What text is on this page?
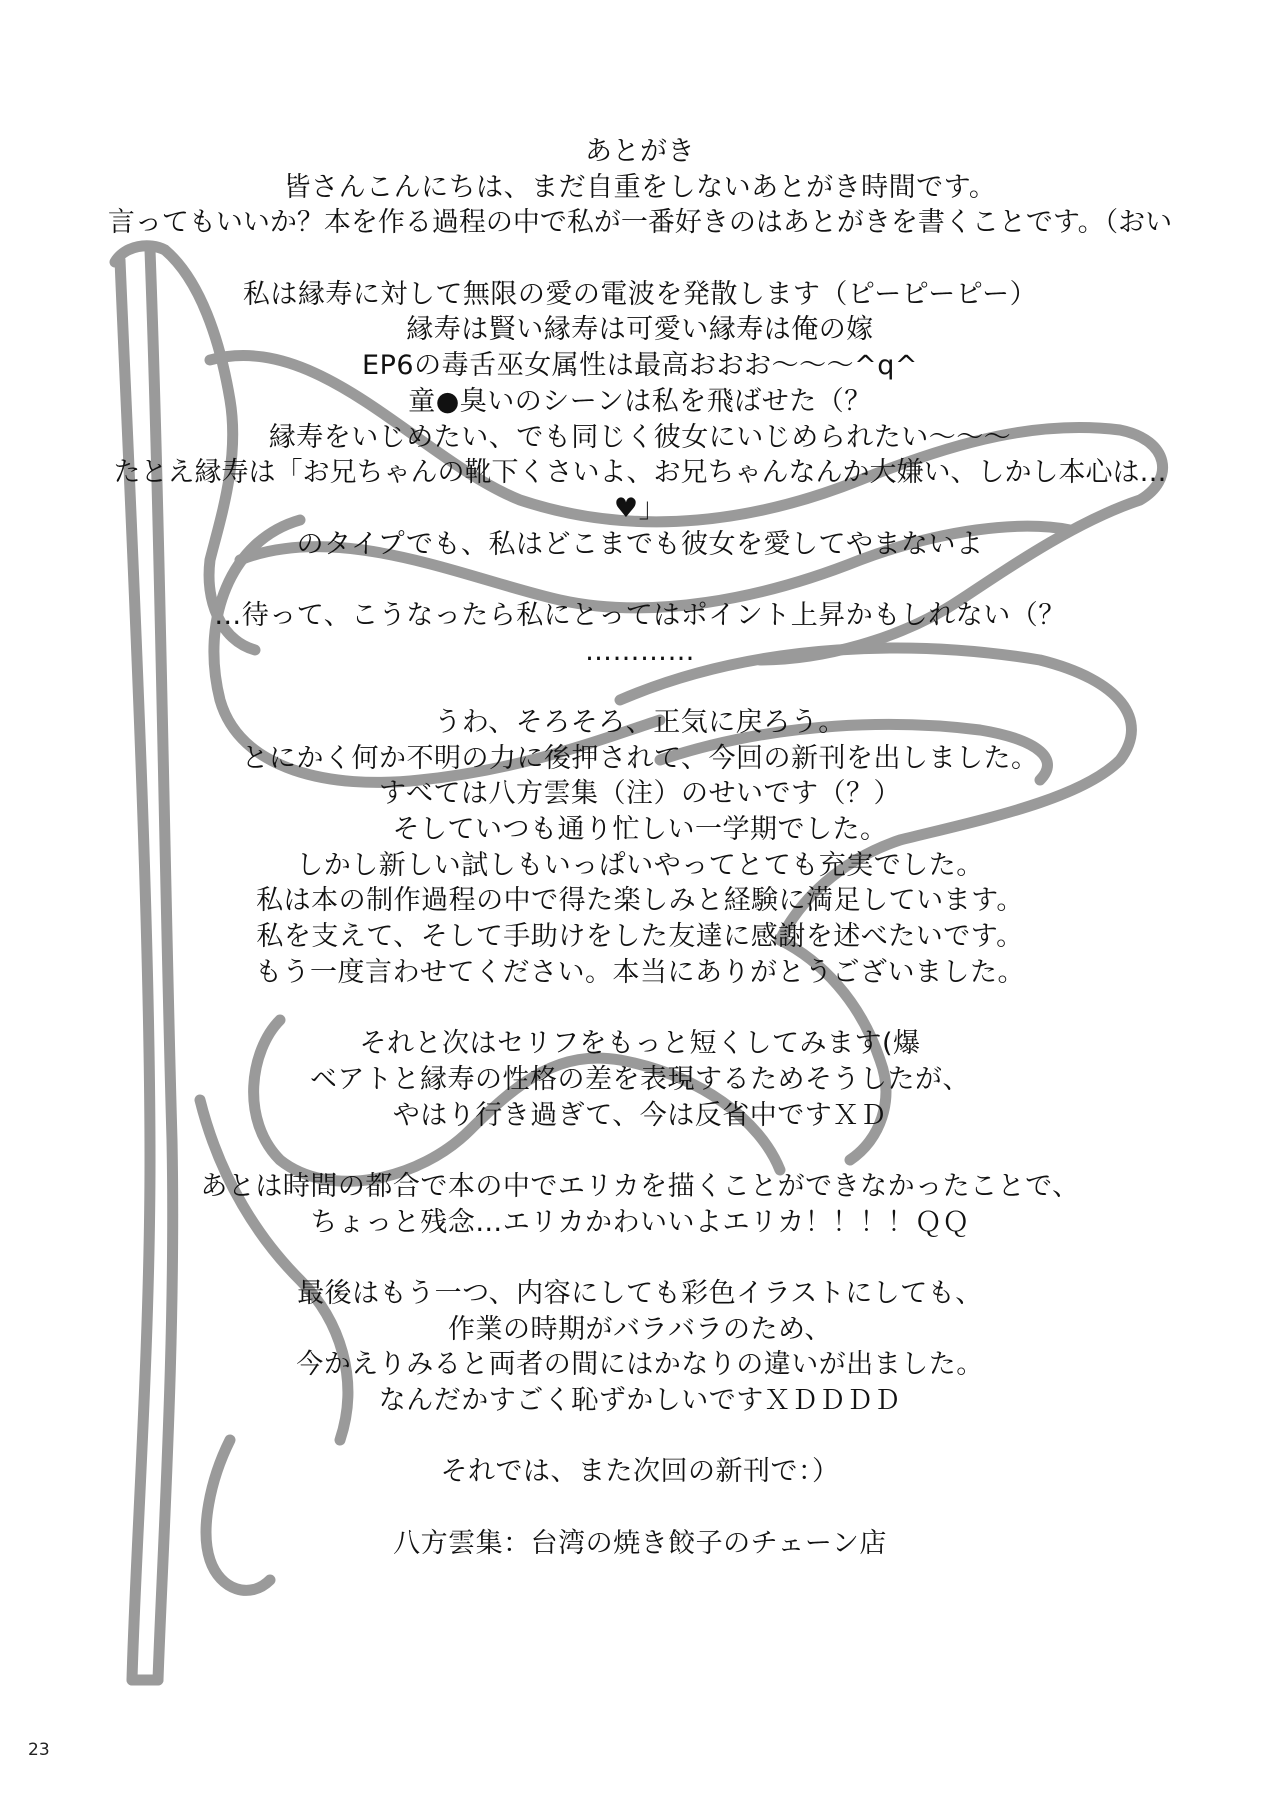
あとがき
皆さんこんにちは、まだ自重をしないあとがき時間です。
言ってもいいか？本を作る過程の中で私が一番好きのはあとがきを書くことです。（おい
私は縁寿に対して無限の愛の電波を発散します（ピーピーピー）
縁寿は賢い縁寿は可愛い縁寿は俺の嫁
EP6の毒舌巫女属性は最高おおお～～～^q^
童●臭いのシーンは私を飛ばせた（？
縁寿をいじめたい、でも同じく彼女にいじめられたい～～～
たとえ縁寿は「お兄ちゃんの靴下くさいよ、お兄ちゃんなんか大嫌い、しかし本心は…
♥」
のタイプでも、私はどこまでも彼女を愛してやまないよ
…待って、こうなったら私にとってはポイント上昇かもしれない（？
…………
うわ、そろそろ、正気に戻ろう。
とにかく何か不明の力に後押されて、今回の新刊を出しました。
すべては八方雲集（注）のせいです（？）
そしていつも通り忙しい一学期でした。
しかし新しい試しもいっぱいやってとても充実でした。
私は本の制作過程の中で得た楽しみと経験に満足しています。
私を支えて、そして手助けをした友達に感謝を述べたいです。
もう一度言わせてください。本当にありがとうございました。
それと次はセリフをもっと短くしてみます(爆
ベアトと縁寿の性格の差を表現するためそうしたが、
やはり行き過ぎて、今は反省中ですＸＤ
あとは時間の都合で本の中でエリカを描くことができなかったことで、
ちょっと残念…エリカかわいいよエリカ！！！！ＱＱ
最後はもう一つ、内容にしても彩色イラストにしても、
作業の時期がバラバラのため、
今かえりみると両者の間にはかなりの違いが出ました。
なんだかすごく恥ずかしいですＸＤＤＤＤ
それでは、また次回の新刊で：）
八方雲集：台湾の焼き餃子のチェーン店
23
